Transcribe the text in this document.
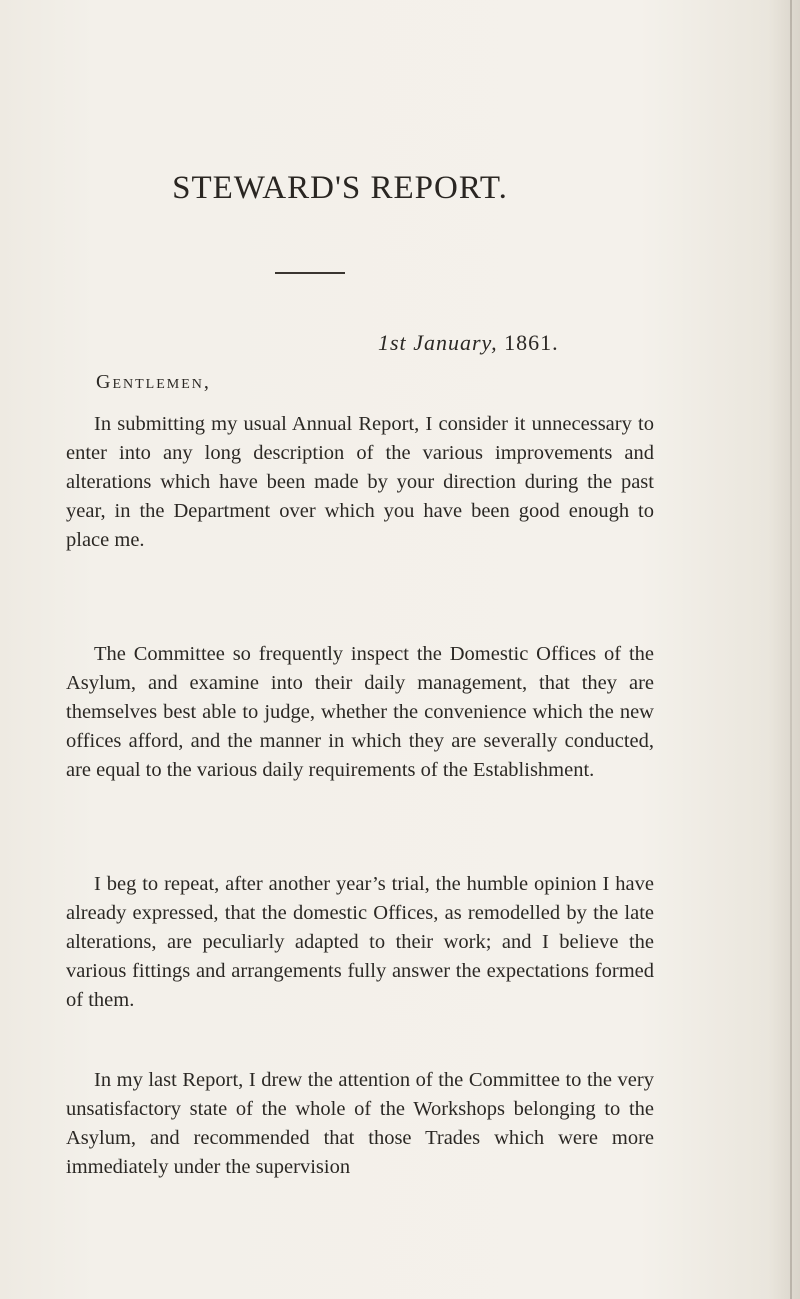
STEWARD'S REPORT.
1st January, 1861.
Gentlemen,
In submitting my usual Annual Report, I consider it unnecessary to enter into any long description of the various improvements and alterations which have been made by your direction during the past year, in the Department over which you have been good enough to place me.
The Committee so frequently inspect the Domestic Offices of the Asylum, and examine into their daily management, that they are themselves best able to judge, whether the convenience which the new offices afford, and the manner in which they are severally conducted, are equal to the various daily requirements of the Establishment.
I beg to repeat, after another year’s trial, the humble opinion I have already expressed, that the domestic Offices, as remodelled by the late alterations, are peculiarly adapted to their work; and I believe the various fittings and arrangements fully answer the expectations formed of them.
In my last Report, I drew the attention of the Committee to the very unsatisfactory state of the whole of the Workshops belonging to the Asylum, and recommended that those Trades which were more immediately under the supervision
